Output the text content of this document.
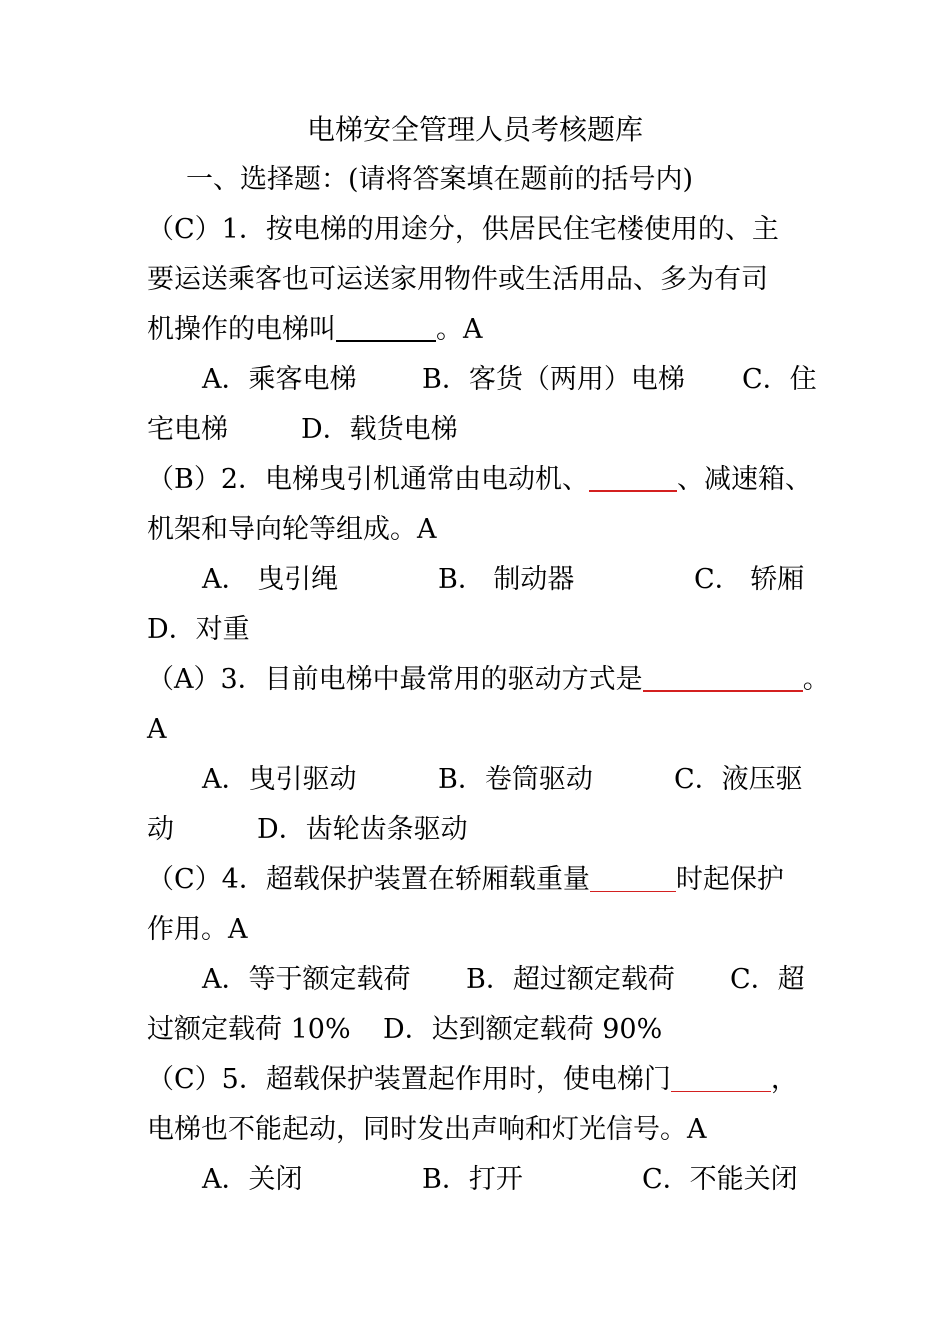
电梯安全管理人员考核题库
一、选择题：(请将答案填在题前的括号内)
（C）1．按电梯的用途分，供居民住宅楼使用的、主
要运送乘客也可运送家用物件或生活用品、多为有司
机操作的电梯叫	。A
A．乘客电梯 B．客货（两用）电梯 C．住
宅电梯	D．载货电梯
（B）2．电梯曳引机通常由电动机、	、减速箱、
机架和导向轮等组成。A
A． 曳引绳	B． 制动器	C． 轿厢
D．对重
（A）3．目前电梯中最常用的驱动方式是	。
A
A．曳引驱动	B．卷筒驱动	C．液压驱
动	D．齿轮齿条驱动
（C）4．超载保护装置在轿厢载重量	时起保护
作用。A
A．等于额定载荷 B．超过额定载荷 C．超
过额定载荷 10% D．达到额定载荷 90%
（C）5．超载保护装置起作用时，使电梯门	，
电梯也不能起动，同时发出声响和灯光信号。A
A．关闭	B．打开	C．不能关闭
